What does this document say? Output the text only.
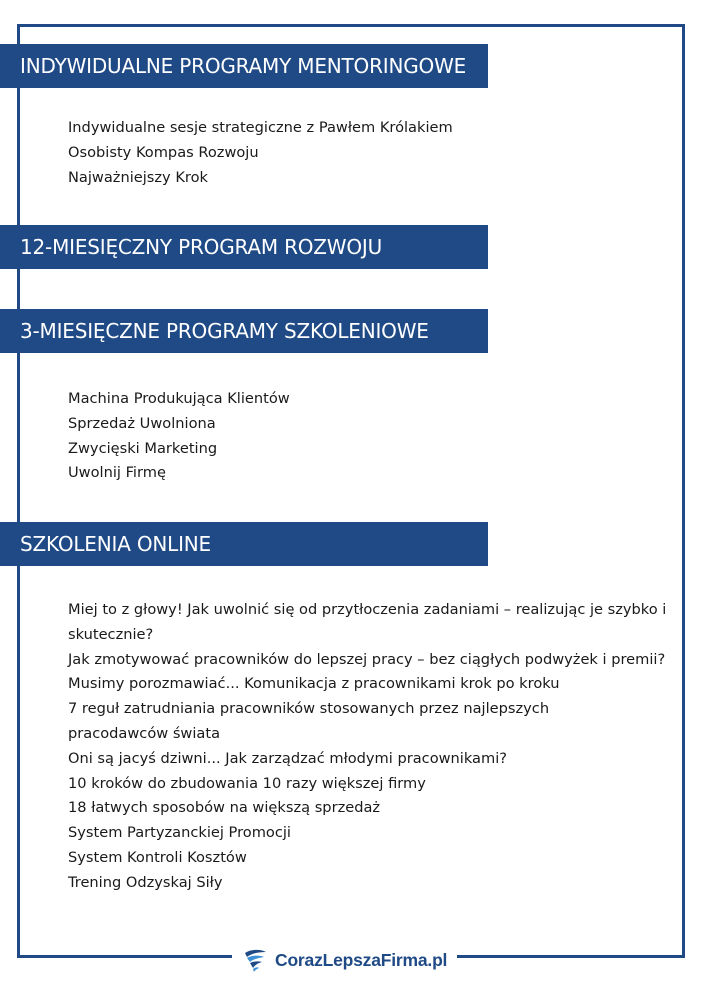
INDYWIDUALNE PROGRAMY MENTORINGOWE
Indywidualne sesje strategiczne z Pawłem Królakiem
Osobisty Kompas Rozwoju
Najważniejszy Krok
12-MIESIĘCZNY PROGRAM ROZWOJU
3-MIESIĘCZNE PROGRAMY SZKOLENIOWE
Machina Produkująca Klientów
Sprzedaż Uwolniona
Zwycięski Marketing
Uwolnij Firmę
SZKOLENIA ONLINE
Miej to z głowy! Jak uwolnić się od przytłoczenia zadaniami – realizując je szybko i skutecznie?
Jak zmotywować pracowników do lepszej pracy – bez ciągłych podwyżek i premii?
Musimy porozmawiać... Komunikacja z pracownikami krok po kroku
7 reguł zatrudniania pracowników stosowanych przez najlepszych pracodawców świata
Oni są jacyś dziwni... Jak zarządzać młodymi pracownikami?
10 kroków do zbudowania 10 razy większej firmy
18 łatwych sposobów na większą sprzedaż
System Partyzanckiej Promocji
System Kontroli Kosztów
Trening Odzyskaj Siły
CorazLepszaFirma.pl
